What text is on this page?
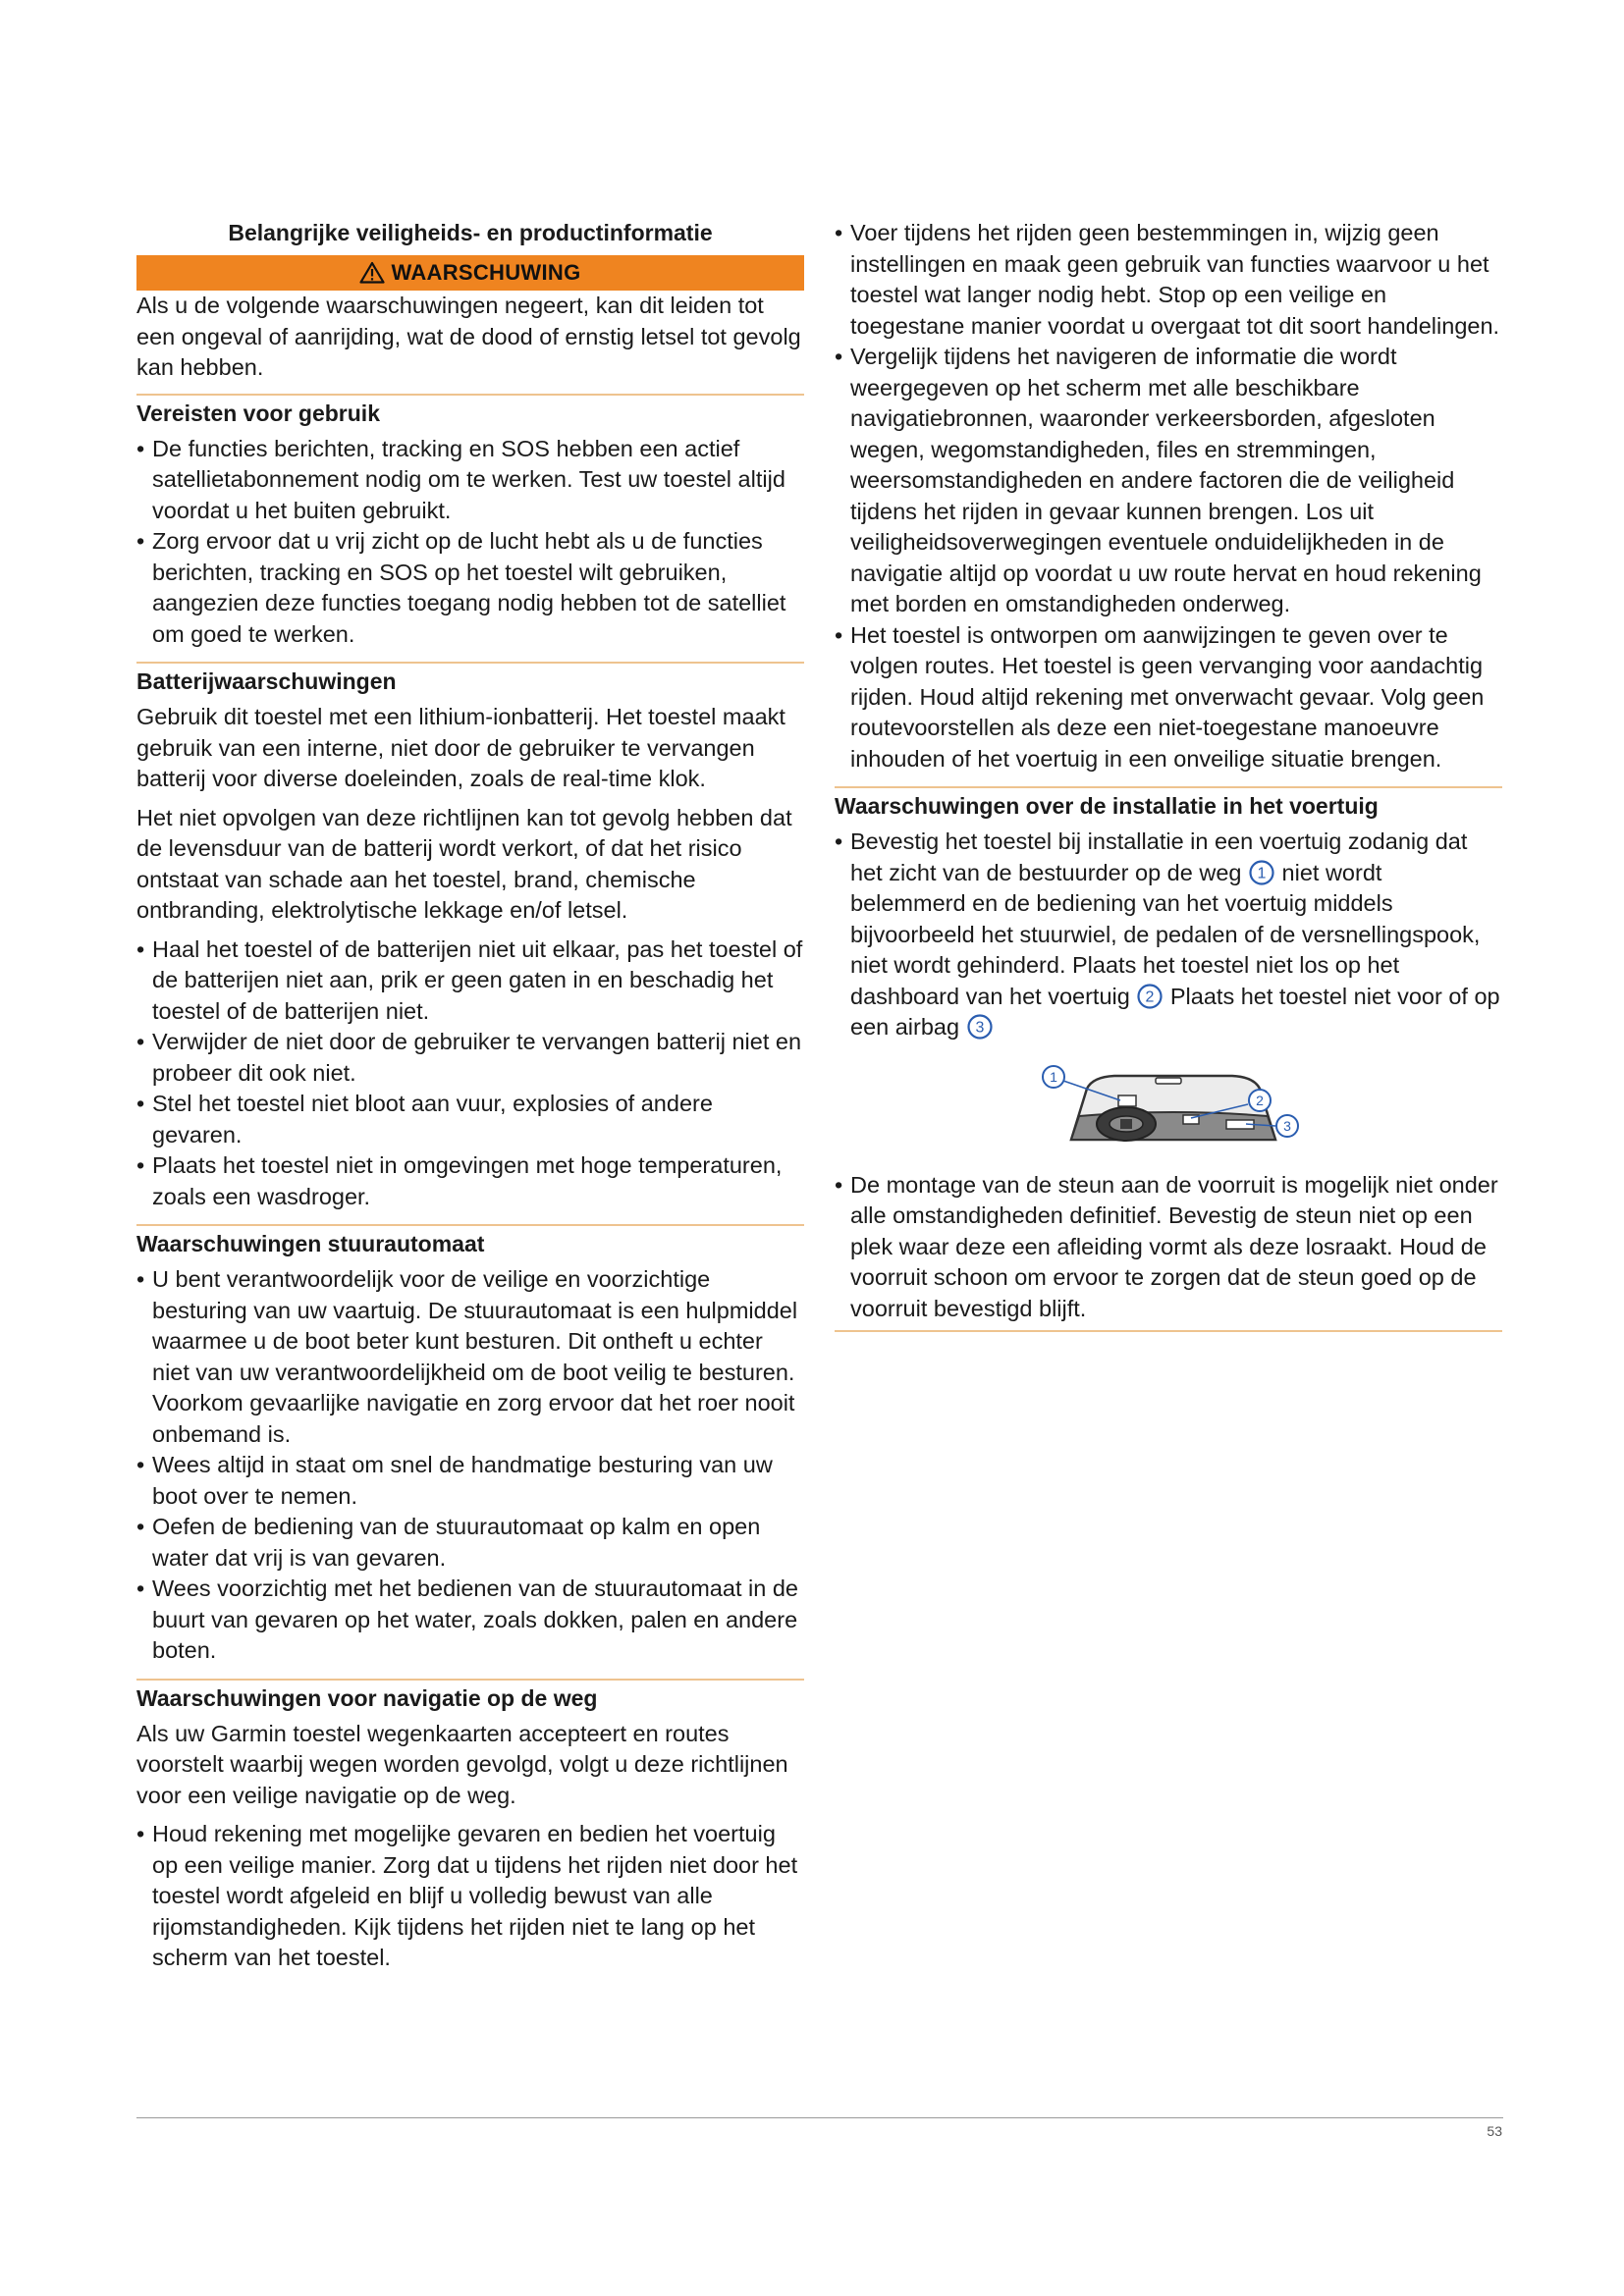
Belangrijke veiligheids- en productinformatie
WAARSCHUWING

Als u de volgende waarschuwingen negeert, kan dit leiden tot een ongeval of aanrijding, wat de dood of ernstig letsel tot gevolg kan hebben.

Vereisten voor gebruik
• De functies berichten, tracking en SOS hebben een actief satellietabonnement nodig om te werken. Test uw toestel altijd voordat u het buiten gebruikt.
• Zorg ervoor dat u vrij zicht op de lucht hebt als u de functies berichten, tracking en SOS op het toestel wilt gebruiken, aangezien deze functies toegang nodig hebben tot de satelliet om goed te werken.
Batterijwaarschuwingen

Gebruik dit toestel met een lithium-ionbatterij. Het toestel maakt gebruik van een interne, niet door de gebruiker te vervangen batterij voor diverse doeleinden, zoals de real-time klok.

Het niet opvolgen van deze richtlijnen kan tot gevolg hebben dat de levensduur van de batterij wordt verkort, of dat het risico ontstaat van schade aan het toestel, brand, chemische ontbranding, elektrolytische lekkage en/of letsel.

• Haal het toestel of de batterijen niet uit elkaar, pas het toestel of de batterijen niet aan, prik er geen gaten in en beschadig het toestel of de batterijen niet.
• Verwijder de niet door de gebruiker te vervangen batterij niet en probeer dit ook niet.
• Stel het toestel niet bloot aan vuur, explosies of andere gevaren.
• Plaats het toestel niet in omgevingen met hoge temperaturen, zoals een wasdroger.
Waarschuwingen stuurautomaat
• U bent verantwoordelijk voor de veilige en voorzichtige besturing van uw vaartuig. De stuurautomaat is een hulpmiddel waarmee u de boot beter kunt besturen. Dit ontheft u echter niet van uw verantwoordelijkheid om de boot veilig te besturen. Voorkom gevaarlijke navigatie en zorg ervoor dat het roer nooit onbemand is.
• Wees altijd in staat om snel de handmatige besturing van uw boot over te nemen.
• Oefen de bediening van de stuurautomaat op kalm en open water dat vrij is van gevaren.
• Wees voorzichtig met het bedienen van de stuurautomaat in de buurt van gevaren op het water, zoals dokken, palen en andere boten.
Waarschuwingen voor navigatie op de weg

Als uw Garmin toestel wegenkaarten accepteert en routes voorstelt waarbij wegen worden gevolgd, volgt u deze richtlijnen voor een veilige navigatie op de weg.

• Houd rekening met mogelijke gevaren en bedien het voertuig op een veilige manier. Zorg dat u tijdens het rijden niet door het toestel wordt afgeleid en blijf u volledig bewust van alle rijomstandigheden. Kijk tijdens het rijden niet te lang op het scherm van het toestel.
• Voer tijdens het rijden geen bestemmingen in, wijzig geen instellingen en maak geen gebruik van functies waarvoor u het toestel wat langer nodig hebt. Stop op een veilige en toegestane manier voordat u overgaat tot dit soort handelingen.
• Vergelijk tijdens het navigeren de informatie die wordt weergegeven op het scherm met alle beschikbare navigatiebronnen, waaronder verkeersborden, afgesloten wegen, wegomstandigheden, files en stremmingen, weersomstandigheden en andere factoren die de veiligheid tijdens het rijden in gevaar kunnen brengen. Los uit veiligheidsoverwegingen eventuele onduidelijkheden in de navigatie altijd op voordat u uw route hervat en houd rekening met borden en omstandigheden onderweg.
• Het toestel is ontworpen om aanwijzingen te geven over te volgen routes. Het toestel is geen vervanging voor aandachtig rijden. Houd altijd rekening met onverwacht gevaar. Volg geen routevoorstellen als deze een niet-toegestane manoeuvre inhouden of het voertuig in een onveilige situatie brengen.
Waarschuwingen over de installatie in het voertuig
• Bevestig het toestel bij installatie in een voertuig zodanig dat het zicht van de bestuurder op de weg 1 niet wordt belemmerd en de bediening van het voertuig middels bijvoorbeeld het stuurwiel, de pedalen of de versnellingspook, niet wordt gehinderd. Plaats het toestel niet los op het dashboard van het voertuig 2 Plaats het toestel niet voor of op een airbag 3
1
2
3
• De montage van de steun aan de voorruit is mogelijk niet onder alle omstandigheden definitief. Bevestig de steun niet op een plek waar deze een afleiding vormt als deze losraakt. Houd de voorruit schoon om ervoor te zorgen dat de steun goed op de voorruit bevestigd blijft.
53
